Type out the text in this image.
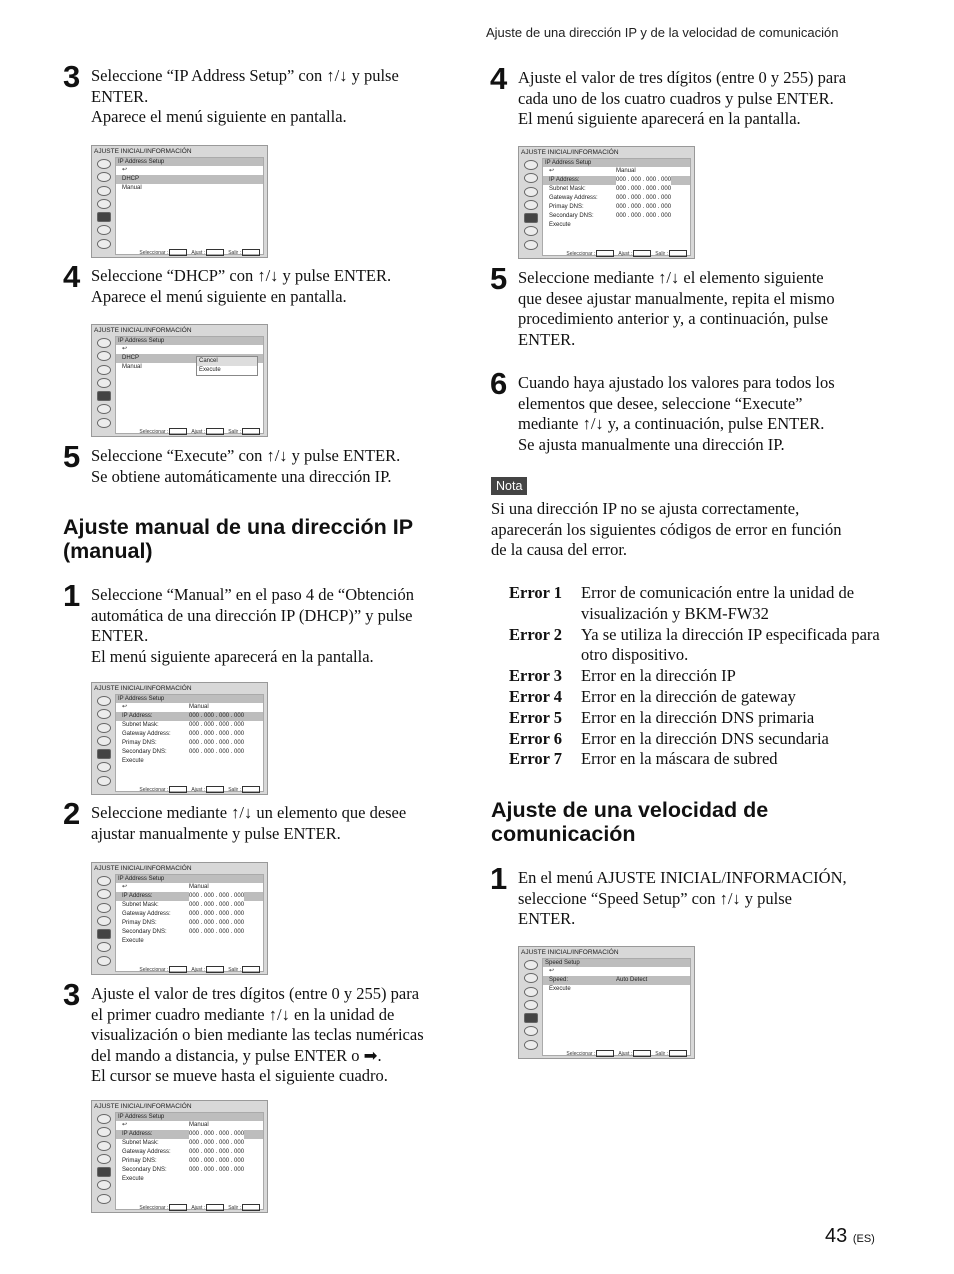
Ajuste de una dirección IP y de la velocidad de comunicación
3 Seleccione “IP Address Setup” con ↑/↓ y pulse
ENTER.
Aparece el menú siguiente en pantalla.
AJUSTE INICIAL/INFORMACIÓN
IP Address Setup
↩
DHCP
Manual
Seleccionar :	Ajust :	Salir :
4 Seleccione “DHCP” con ↑/↓ y pulse ENTER.
Aparece el menú siguiente en pantalla.
AJUSTE INICIAL/INFORMACIÓN
IP Address Setup
↩
DHCP
Manual
Cancel
Execute
Seleccionar :	Ajust :	Salir :
5 Seleccione “Execute” con ↑/↓ y pulse ENTER.
Se obtiene automáticamente una dirección IP.
Ajuste manual de una dirección IP
(manual)
1 Seleccione “Manual” en el paso 4 de “Obtención
automática de una dirección IP (DHCP)” y pulse
ENTER.
El menú siguiente aparecerá en la pantalla.
AJUSTE INICIAL/INFORMACIÓN
IP Address Setup
↩	Manual
IP Address:	000 . 000 . 000 . 000
Subnet Mask:	000 . 000 . 000 . 000
Gateway Address:	000 . 000 . 000 . 000
Primay DNS:	000 . 000 . 000 . 000
Secondary DNS:	000 . 000 . 000 . 000
Execute
Seleccionar :	Ajust :	Salir :
2 Seleccione mediante ↑/↓ un elemento que desee
ajustar manualmente y pulse ENTER.
AJUSTE INICIAL/INFORMACIÓN
IP Address Setup
↩	Manual
IP Address:	000 . 000 . 000 . 000
Subnet Mask:	000 . 000 . 000 . 000
Gateway Address:	000 . 000 . 000 . 000
Primay DNS:	000 . 000 . 000 . 000
Secondary DNS:	000 . 000 . 000 . 000
Execute
Seleccionar :	Ajust :	Salir :
3 Ajuste el valor de tres dígitos (entre 0 y 255) para
el primer cuadro mediante ↑/↓ en la unidad de
visualización o bien mediante las teclas numéricas
del mando a distancia, y pulse ENTER o ➡.
El cursor se mueve hasta el siguiente cuadro.
AJUSTE INICIAL/INFORMACIÓN
IP Address Setup
↩	Manual
IP Address:	000 . 000 . 000 . 000
Subnet Mask:	000 . 000 . 000 . 000
Gateway Address:	000 . 000 . 000 . 000
Primay DNS:	000 . 000 . 000 . 000
Secondary DNS:	000 . 000 . 000 . 000
Execute
Seleccionar :	Ajust :	Salir :
4 Ajuste el valor de tres dígitos (entre 0 y 255) para
cada uno de los cuatro cuadros y pulse ENTER.
El menú siguiente aparecerá en la pantalla.
AJUSTE INICIAL/INFORMACIÓN
IP Address Setup
↩	Manual
IP Address:	000 . 000 . 000 . 000
Subnet Mask:	000 . 000 . 000 . 000
Gateway Address:	000 . 000 . 000 . 000
Primay DNS:	000 . 000 . 000 . 000
Secondary DNS:	000 . 000 . 000 . 000
Execute
Seleccionar :	Ajust :	Salir :
5 Seleccione mediante ↑/↓ el elemento siguiente
que desee ajustar manualmente, repita el mismo
procedimiento anterior y, a continuación, pulse
ENTER.
6 Cuando haya ajustado los valores para todos los
elementos que desee, seleccione “Execute”
mediante ↑/↓ y, a continuación, pulse ENTER.
Se ajusta manualmente una dirección IP.
Nota
Si una dirección IP no se ajusta correctamente,
aparecerán los siguientes códigos de error en función
de la causa del error.
Error 1	Error de comunicación entre la unidad de visualización y BKM-FW32
Error 2	Ya se utiliza la dirección IP especificada para otro dispositivo.
Error 3	Error en la dirección IP
Error 4	Error en la dirección de gateway
Error 5	Error en la dirección DNS primaria
Error 6	Error en la dirección DNS secundaria
Error 7	Error en la máscara de subred
Ajuste de una velocidad de
comunicación
1 En el menú AJUSTE INICIAL/INFORMACIÓN,
seleccione “Speed Setup” con ↑/↓ y pulse
ENTER.
AJUSTE INICIAL/INFORMACIÓN
Speed Setup
↩
Speed:	Auto Detect
Execute
Seleccionar :	Ajust :	Salir :
43 (ES)
